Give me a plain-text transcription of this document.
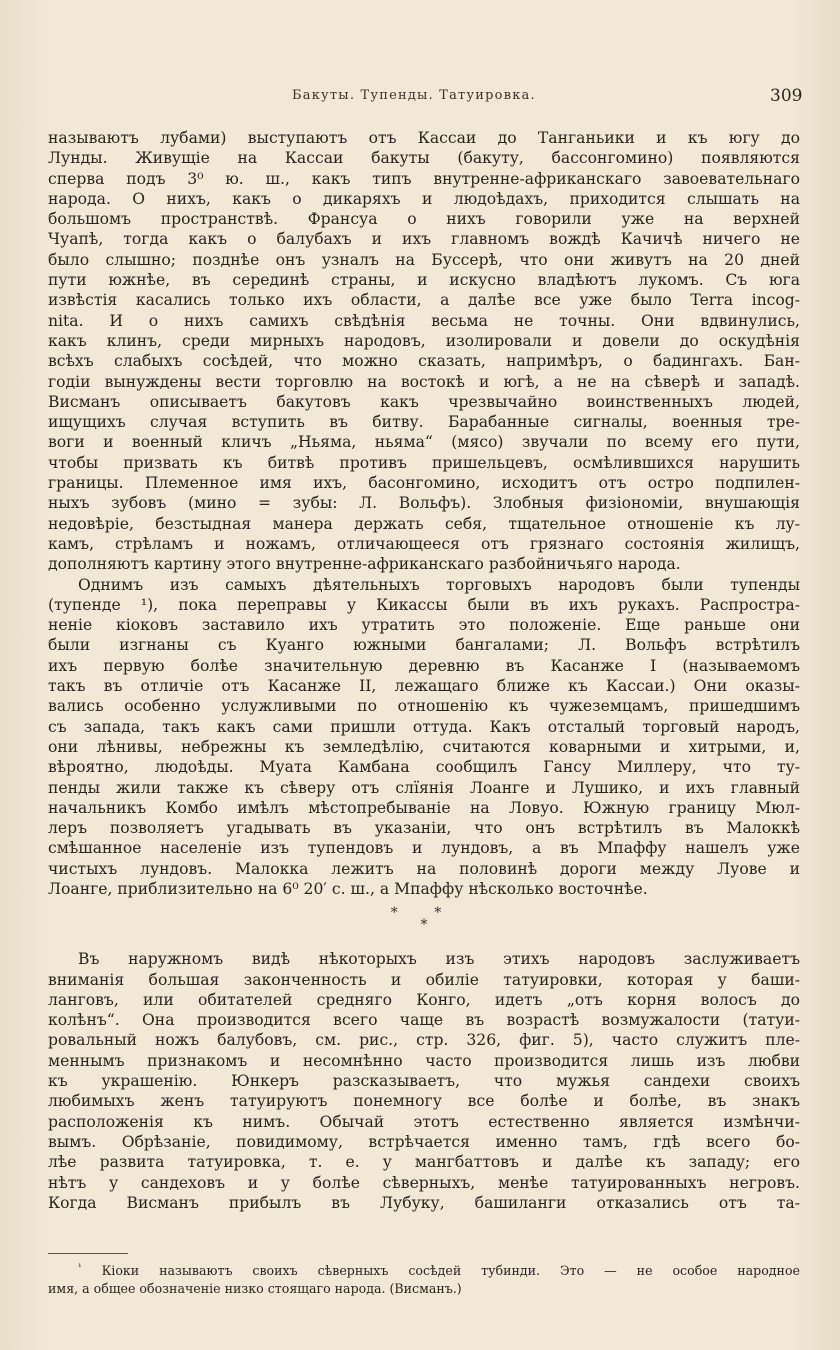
Бакуты. Тупенды. Татуировка.	309
называютъ лубами) выступаютъ отъ Кассаи до Танганьики и къ югу до
Лунды. Живущіе на Кассаи бакуты (бакуту, бассонгомино) появляются
сперва подъ 3⁰ ю. ш., какъ типъ внутренне-африканскаго завоевательнаго
народа. О нихъ, какъ о дикаряхъ и людоѣдахъ, приходится слышать на
большомъ пространствѣ. Франсуа о нихъ говорили уже на верхней
Чуапѣ, тогда какъ о балубахъ и ихъ главномъ вождѣ Качичѣ ничего не
было слышно; позднѣе онъ узналъ на Буссерѣ, что они живутъ на 20 дней
пути южнѣе, въ серединѣ страны, и искусно владѣютъ лукомъ. Съ юга
извѣстія касались только ихъ области, а далѣе все уже было Terra incog-
nita. И о нихъ самихъ свѣдѣнія весьма не точны. Они вдвинулись,
какъ клинъ, среди мирныхъ народовъ, изолировали и довели до оскудѣнія
всѣхъ слабыхъ сосѣдей, что можно сказать, напримѣръ, о бадингахъ. Бан-
годіи вынуждены вести торговлю на востокѣ и югѣ, а не на сѣверѣ и западѣ.
Висманъ описываетъ бакутовъ какъ чрезвычайно воинственныхъ людей,
ищущихъ случая вступить въ битву. Барабанные сигналы, военныя тре-
воги и военный кличъ „Ньяма, ньяма“ (мясо) звучали по всему его пути,
чтобы призвать къ битвѣ противъ пришельцевъ, осмѣлившихся нарушить
границы. Племенное имя ихъ, басонгомино, исходитъ отъ остро подпилен-
ныхъ зубовъ (мино = зубы: Л. Вольфъ). Злобныя физіономіи, внушающія
недовѣріе, безстыдная манера держать себя, тщательное отношеніе къ лу-
камъ, стрѣламъ и ножамъ, отличающееся отъ грязнаго состоянія жилищъ,
дополняютъ картину этого внутренне-африканскаго разбойничьяго народа.
Однимъ изъ самыхъ дѣятельныхъ торговыхъ народовъ были тупенды
(тупенде ¹), пока переправы у Кикассы были въ ихъ рукахъ. Распростра-
неніе кіоковъ заставило ихъ утратить это положеніе. Еще раньше они
были изгнаны съ Куанго южными бангалами; Л. Вольфъ встрѣтилъ
ихъ первую болѣе значительную деревню въ Касанже I (называемомъ
такъ въ отличіе отъ Касанже II, лежащаго ближе къ Кассаи.) Они оказы-
вались особенно услужливыми по отношенію къ чужеземцамъ, пришедшимъ
съ запада, такъ какъ сами пришли оттуда. Какъ отсталый торговый народъ,
они лѣнивы, небрежны къ земледѣлію, считаются коварными и хитрыми, и,
вѣроятно, людоѣды. Муата Камбана сообщилъ Гансу Миллеру, что ту-
пенды жили также къ сѣверу отъ слїянія Лоанге и Лушико, и ихъ главный
начальникъ Комбо имѣлъ мѣстопребываніе на Ловуо. Южную границу Мюл-
леръ позволяетъ угадывать въ указаніи, что онъ встрѣтилъ въ Малоккѣ
смѣшанное населеніе изъ тупендовъ и лундовъ, а въ Мпаффу нашелъ уже
чистыхъ лундовъ. Малокка лежитъ на половинѣ дороги между Луове и
Лоанге, приблизительно на 6⁰ 20′ с. ш., а Мпаффу нѣсколько восточнѣе.
* *
*
Въ наружномъ видѣ нѣкоторыхъ изъ этихъ народовъ заслуживаетъ
вниманія большая законченность и обиліе татуировки, которая у баши-
ланговъ, или обитателей средняго Конго, идетъ „отъ корня волосъ до
колѣнъ“. Она производится всего чаще въ возрастѣ возмужалости (татуи-
ровальный ножъ балубовъ, см. рис., стр. 326, фиг. 5), часто служитъ пле-
меннымъ признакомъ и несомнѣнно часто производится лишь изъ любви
къ украшенію. Юнкеръ разсказываетъ, что мужья сандехи своихъ
любимыхъ женъ татуируютъ понемногу все болѣе и болѣе, въ знакъ
расположенія къ нимъ. Обычай этотъ естественно является измѣнчи-
вымъ. Обрѣзаніе, повидимому, встрѣчается именно тамъ, гдѣ всего бо-
лѣе развита татуировка, т. е. у мангбаттовъ и далѣе къ западу; его
нѣтъ у сандеховъ и у болѣе сѣверныхъ, менѣе татуированныхъ негровъ.
Когда Висманъ прибылъ въ Лубуку, башиланги отказались отъ та-
$^{^1}$ Кіоки называютъ своихъ сѣверныхъ сосѣдей тубинди. Это — не особое народное
имя, а общее обозначеніе низко стоящаго народа. (Висманъ.)
